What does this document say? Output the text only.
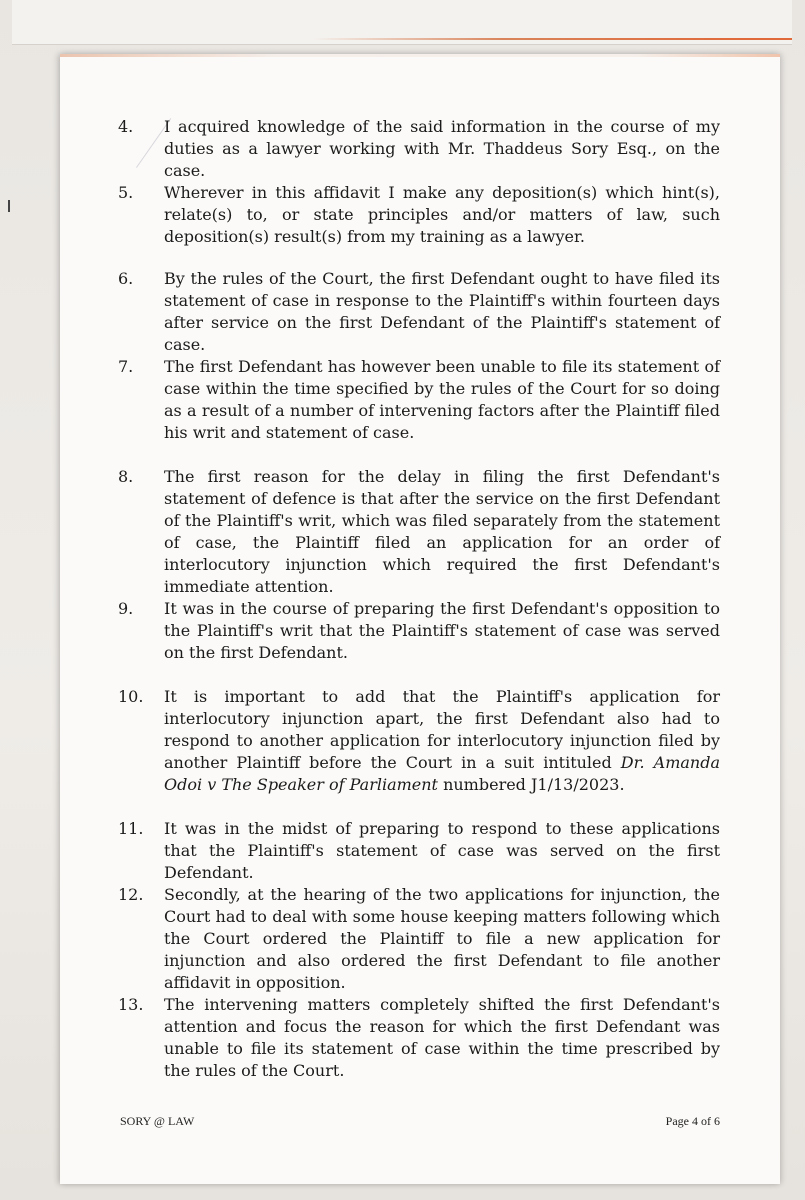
4. I acquired knowledge of the said information in the course of my duties as a lawyer working with Mr. Thaddeus Sory Esq., on the case.
5. Wherever in this affidavit I make any deposition(s) which hint(s), relate(s) to, or state principles and/or matters of law, such deposition(s) result(s) from my training as a lawyer.
6. By the rules of the Court, the first Defendant ought to have filed its statement of case in response to the Plaintiff's within fourteen days after service on the first Defendant of the Plaintiff's statement of case.
7. The first Defendant has however been unable to file its statement of case within the time specified by the rules of the Court for so doing as a result of a number of intervening factors after the Plaintiff filed his writ and statement of case.
8. The first reason for the delay in filing the first Defendant's statement of defence is that after the service on the first Defendant of the Plaintiff's writ, which was filed separately from the statement of case, the Plaintiff filed an application for an order of interlocutory injunction which required the first Defendant's immediate attention.
9. It was in the course of preparing the first Defendant's opposition to the Plaintiff's writ that the Plaintiff's statement of case was served on the first Defendant.
10. It is important to add that the Plaintiff's application for interlocutory injunction apart, the first Defendant also had to respond to another application for interlocutory injunction filed by another Plaintiff before the Court in a suit intituled Dr. Amanda Odoi v The Speaker of Parliament numbered J1/13/2023.
11. It was in the midst of preparing to respond to these applications that the Plaintiff's statement of case was served on the first Defendant.
12. Secondly, at the hearing of the two applications for injunction, the Court had to deal with some house keeping matters following which the Court ordered the Plaintiff to file a new application for injunction and also ordered the first Defendant to file another affidavit in opposition.
13. The intervening matters completely shifted the first Defendant's attention and focus the reason for which the first Defendant was unable to file its statement of case within the time prescribed by the rules of the Court.
SORY @ LAW	Page 4 of 6
